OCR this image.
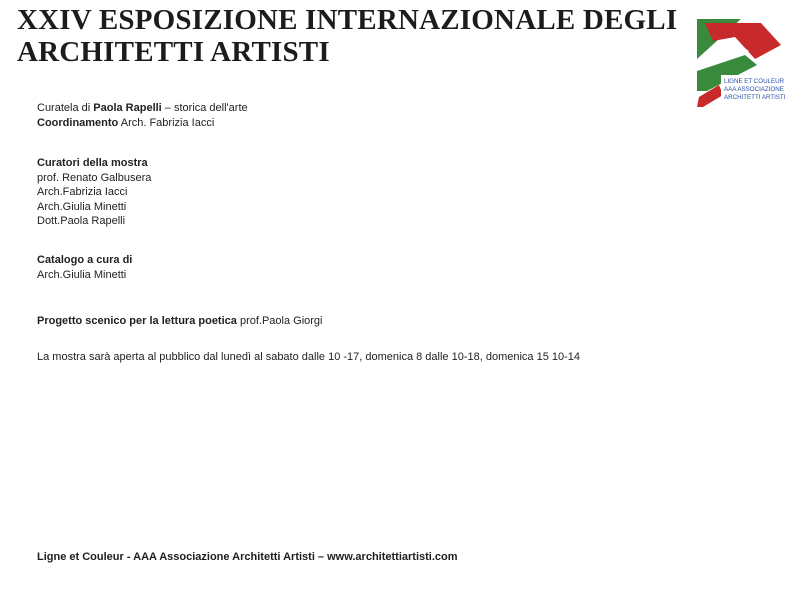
XXIV ESPOSIZIONE INTERNAZIONALE DEGLI
ARCHITETTI ARTISTI
LIGNE ET COULEUR
AAA ASSOCIAZIONE
ARCHITETTI ARTISTI
Curatela di Paola Rapelli – storica dell'arte
Coordinamento Arch. Fabrizia Iacci
Curatori della mostra
prof. Renato Galbusera
Arch.Fabrizia Iacci
Arch.Giulia Minetti
Dott.Paola Rapelli
Catalogo a cura di
Arch.Giulia Minetti
Progetto scenico per la lettura poetica prof.Paola Giorgi
La mostra sarà aperta al pubblico dal lunedì al sabato dalle 10 -17, domenica 8 dalle 10-18, domenica 15 10-14
Ligne et Couleur - AAA Associazione Architetti Artisti – www.architettiartisti.com
